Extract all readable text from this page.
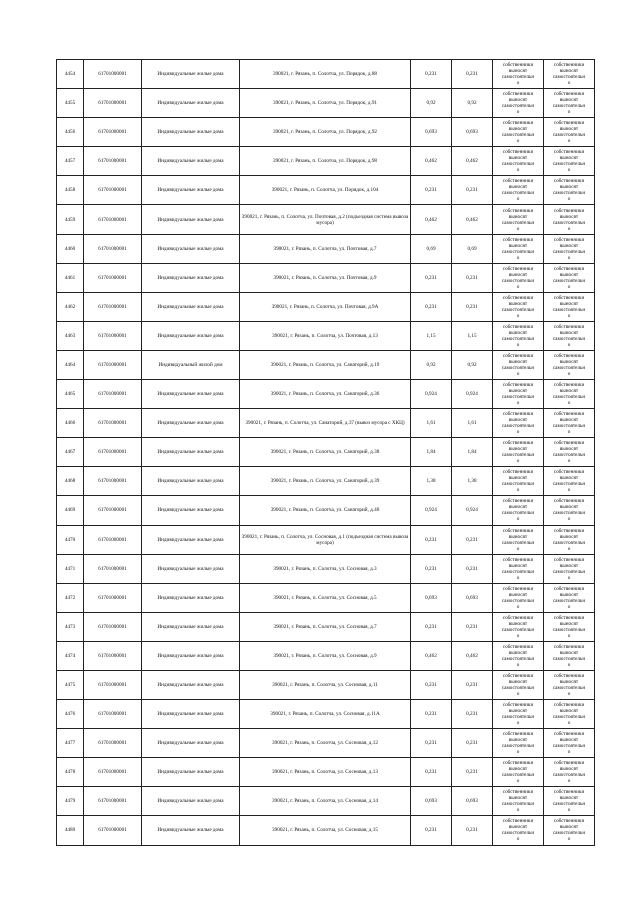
4454	61701000001	Индивидуальные жилые дома	390021, г. Рязань, п. Солотча, ул. Порядок, д.88	0,231	0,231	собственники
выносят
самостоятельн
о	собственники
выносят
самостоятельн
о

4455	61701000001	Индивидуальные жилые дома	390021, г. Рязань, п. Солотча, ул. Порядок, д.91	0,92	0,92	собственники
выносят
самостоятельн
о	собственники
выносят
самостоятельн
о

4456	61701000001	Индивидуальные жилые дома	390021, г. Рязань, п. Солотча, ул. Порядок, д.92	0,693	0,693	собственники
выносят
самостоятельн
о	собственники
выносят
самостоятельн
о

4457	61701000001	Индивидуальные жилые дома	390021, г. Рязань, п. Солотча, ул. Порядок, д.98	0,462	0,462	собственники
выносят
самостоятельн
о	собственники
выносят
самостоятельн
о

4458	61701000001	Индивидуальные жилые дома	390021, г. Рязань, п. Солотча, ул. Порядок, д.104	0,231	0,231	собственники
выносят
самостоятельн
о	собственники
выносят
самостоятельн
о

4459	61701000001	Индивидуальные жилые дома	390021, г. Рязань, п. Солотча, ул. Почтовая, д.2 (подъездная система вывоза мусора)	0,462	0,462	собственники
выносят
самостоятельн
о	собственники
выносят
самостоятельн
о

4460	61701000001	Индивидуальные жилые дома	390021, г. Рязань, п. Солотча, ул. Почтовая, д.7	0,69	0,69	собственники
выносят
самостоятельн
о	собственники
выносят
самостоятельн
о

4461	61701000001	Индивидуальные жилые дома	390021, г. Рязань, п. Солотча, ул. Почтовая, д.9	0,231	0,231	собственники
выносят
самостоятельн
о	собственники
выносят
самостоятельн
о

4462	61701000001	Индивидуальные жилые дома	390021, г. Рязань, п. Солотча, ул. Почтовая, д.9А	0,231	0,231	собственники
выносят
самостоятельн
о	собственники
выносят
самостоятельн
о

4463	61701000001	Индивидуальные жилые дома	390021, г. Рязань, п. Солотча, ул. Почтовая, д.13	1,15	1,15	собственники
выносят
самостоятельн
о	собственники
выносят
самостоятельн
о

4464	61701000001	Индивидуальный жилой дом	390021, г. Рязань, п. Солотча, ул. Санаторий, д.19	0,92	0,92	собственники
выносят
самостоятельн
о	собственники
выносят
самостоятельн
о

4465	61701000001	Индивидуальные жилые дома	390021, г. Рязань, п. Солотча, ул. Санаторий, д.36	0,924	0,924	собственники
выносят
самостоятельн
о	собственники
выносят
самостоятельн
о

4466	61701000001	Индивидуальные жилые дома	390021, г. Рязань, п. Солотча, ул. Санаторий, д.37 (вывоз мусора с ХКЦ)	1,61	1,61	собственники
выносят
самостоятельн
о	собственники
выносят
самостоятельн
о

4467	61701000001	Индивидуальные жилые дома	390021, г. Рязань, п. Солотча, ул. Санаторий, д.38	1,84	1,84	собственники
выносят
самостоятельн
о	собственники
выносят
самостоятельн
о

4468	61701000001	Индивидуальные жилые дома	390021, г. Рязань, п. Солотча, ул. Санаторий, д.39	1,38	1,38	собственники
выносят
самостоятельн
о	собственники
выносят
самостоятельн
о

4469	61701000001	Индивидуальные жилые дома	390021, г. Рязань, п. Солотча, ул. Санаторий, д.40	0,924	0,924	собственники
выносят
самостоятельн
о	собственники
выносят
самостоятельн
о

4470	61701000001	Индивидуальные жилые дома	390021, г. Рязань, п. Солотча, ул. Сосновая, д.1 (подъездная система вывоза мусора)	0,231	0,231	собственники
выносят
самостоятельн
о	собственники
выносят
самостоятельн
о

4471	61701000001	Индивидуальные жилые дома	390021, г. Рязань, п. Солотча, ул. Сосновая, д.3	0,231	0,231	собственники
выносят
самостоятельн
о	собственники
выносят
самостоятельн
о

4472	61701000001	Индивидуальные жилые дома	390021, г. Рязань, п. Солотча, ул. Сосновая, д.5	0,693	0,693	собственники
выносят
самостоятельн
о	собственники
выносят
самостоятельн
о

4473	61701000001	Индивидуальные жилые дома	390021, г. Рязань, п. Солотча, ул. Сосновая, д.7	0,231	0,231	собственники
выносят
самостоятельн
о	собственники
выносят
самостоятельн
о

4474	61701000001	Индивидуальные жилые дома	390021, г. Рязань, п. Солотча, ул. Сосновая, д.9	0,462	0,462	собственники
выносят
самостоятельн
о	собственники
выносят
самостоятельн
о

4475	61701000001	Индивидуальные жилые дома	390021, г. Рязань, п. Солотча, ул. Сосновая, д.11	0,231	0,231	собственники
выносят
самостоятельн
о	собственники
выносят
самостоятельн
о

4476	61701000001	Индивидуальные жилые дома	390021, г. Рязань, п. Солотча, ул. Сосновая, д.11А	0,231	0,231	собственники
выносят
самостоятельн
о	собственники
выносят
самостоятельн
о

4477	61701000001	Индивидуальные жилые дома	390021, г. Рязань, п. Солотча, ул. Сосновая, д.12	0,231	0,231	собственники
выносят
самостоятельн
о	собственники
выносят
самостоятельн
о

4478	61701000001	Индивидуальные жилые дома	390021, г. Рязань, п. Солотча, ул. Сосновая, д.13	0,231	0,231	собственники
выносят
самостоятельн
о	собственники
выносят
самостоятельн
о

4479	61701000001	Индивидуальные жилые дома	390021, г. Рязань, п. Солотча, ул. Сосновая, д.14	0,693	0,693	собственники
выносят
самостоятельн
о	собственники
выносят
самостоятельн
о

4480	61701000001	Индивидуальные жилые дома	390021, г. Рязань, п. Солотча, ул. Сосновая, д.15	0,231	0,231	собственники
выносят
самостоятельн
о	собственники
выносят
самостоятельн
о
